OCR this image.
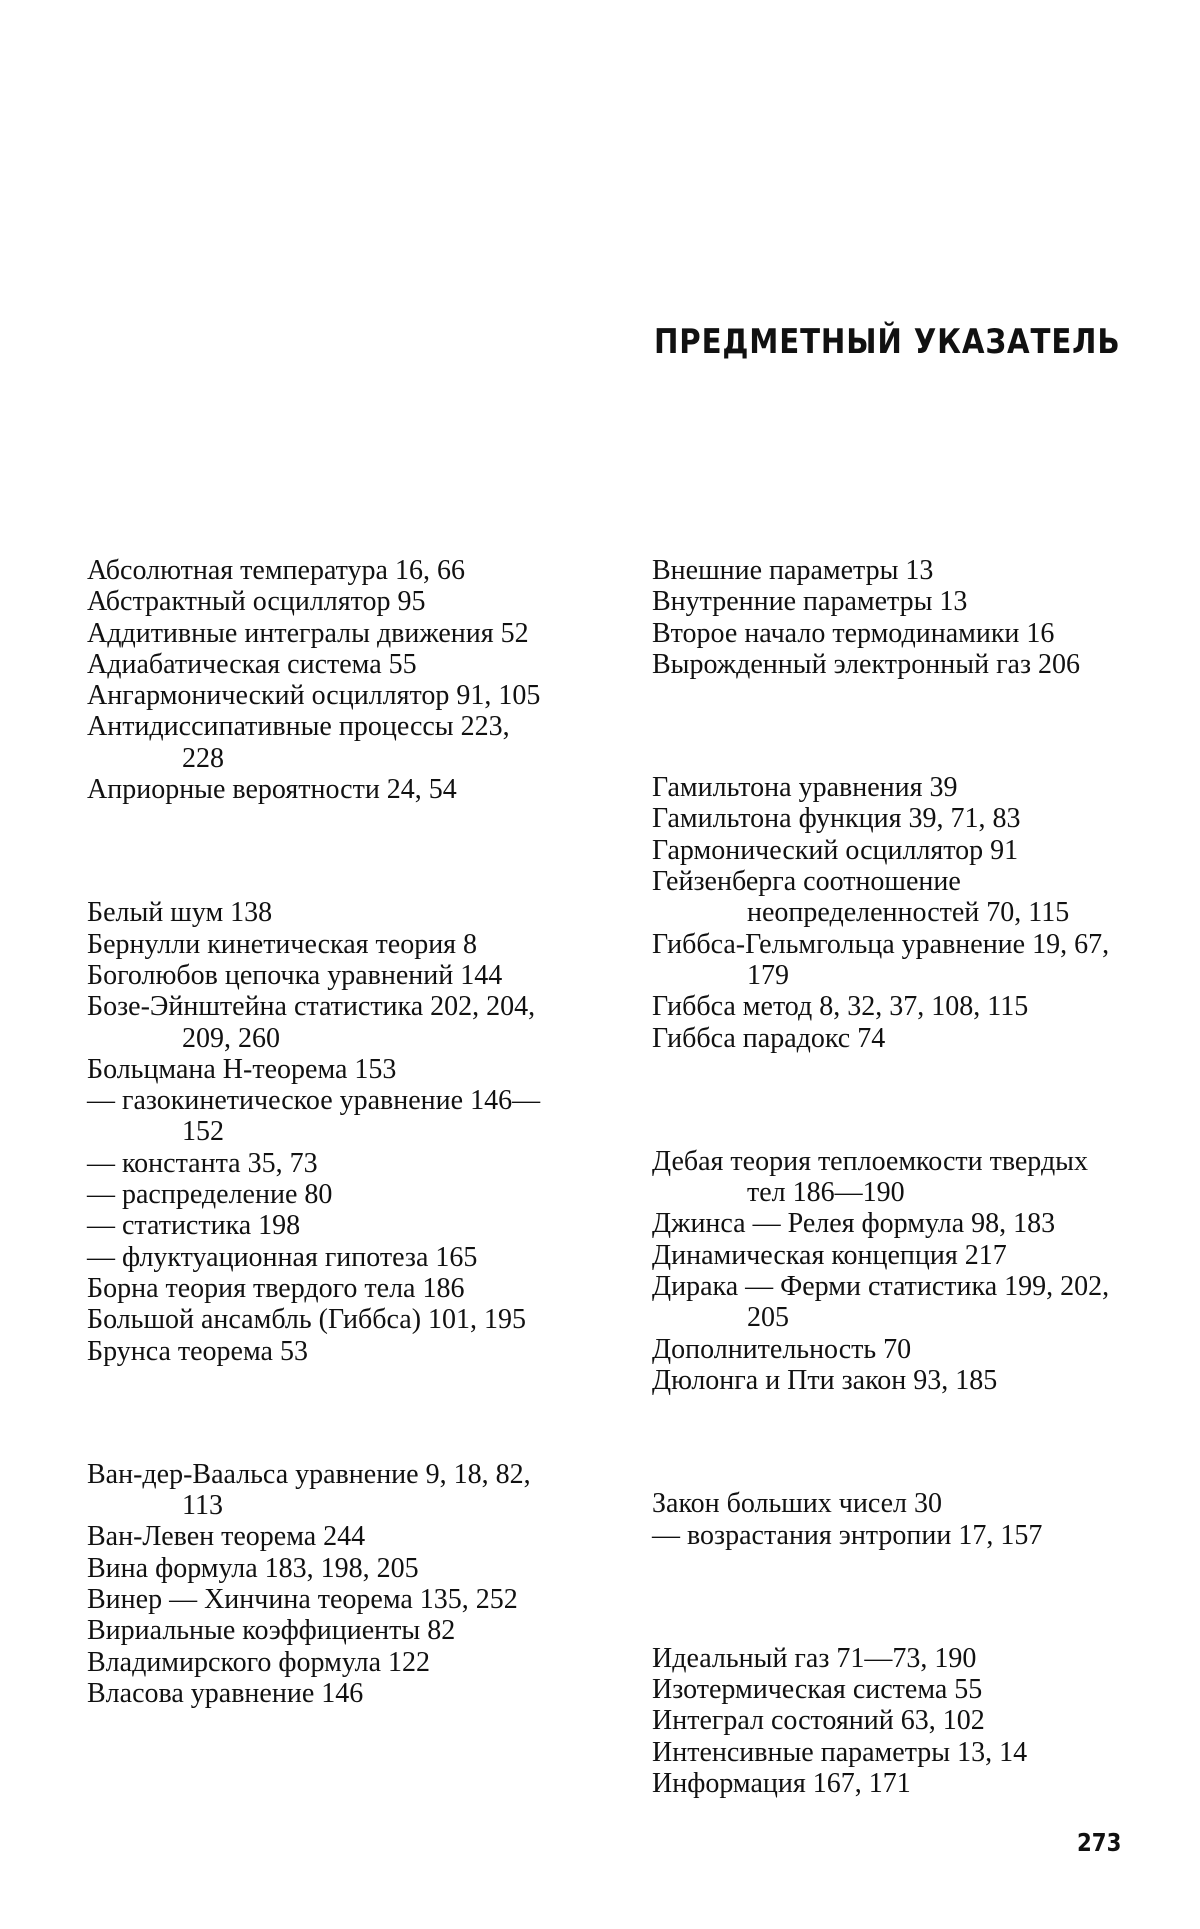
ПРЕДМЕТНЫЙ УКАЗАТЕЛЬ

Абсолютная температура 16, 66

Абстрактный осциллятор 95

Аддитивные интегралы движения 52

Адиабатическая система 55

Ангармонический осциллятор 91, 105

Антидиссипативные процессы 223, 228

Априорные вероятности 24, 54

Белый шум 138

Бернулли кинетическая теория 8

Боголюбов цепочка уравнений 144

Бозе-Эйнштейна статистика 202, 204, 209, 260

Больцмана Н-теорема 153

— газокинетическое уравнение 146—152

— константа 35, 73

— распределение 80

— статистика 198

— флуктуационная гипотеза 165

Борна теория твердого тела 186

Большой ансамбль (Гиббса) 101, 195

Брунса теорема 53

Ван-дер-Ваальса уравнение 9, 18, 82, 113

Ван-Левен теорема 244

Вина формула 183, 198, 205

Винер — Хинчина теорема 135, 252

Вириальные коэффициенты 82

Владимирского формула 122

Власова уравнение 146

Внешние параметры 13

Внутренние параметры 13

Второе начало термодинамики 16

Вырожденный электронный газ 206

Гамильтона уравнения 39

Гамильтона функция 39, 71, 83

Гармонический осциллятор 91

Гейзенберга соотношение неопределенностей 70, 115

Гиббса-Гельмгольца уравнение 19, 67, 179

Гиббса метод 8, 32, 37, 108, 115

Гиббса парадокс 74

Дебая теория теплоемкости твердых тел 186—190

Джинса — Релея формула 98, 183

Динамическая концепция 217

Дирака — Ферми статистика 199, 202, 205

Дополнительность 70

Дюлонга и Пти закон 93, 185

Закон больших чисел 30

— возрастания энтропии 17, 157

Идеальный газ 71—73, 190

Изотермическая система 55

Интеграл состояний 63, 102

Интенсивные параметры 13, 14

Информация 167, 171

273
